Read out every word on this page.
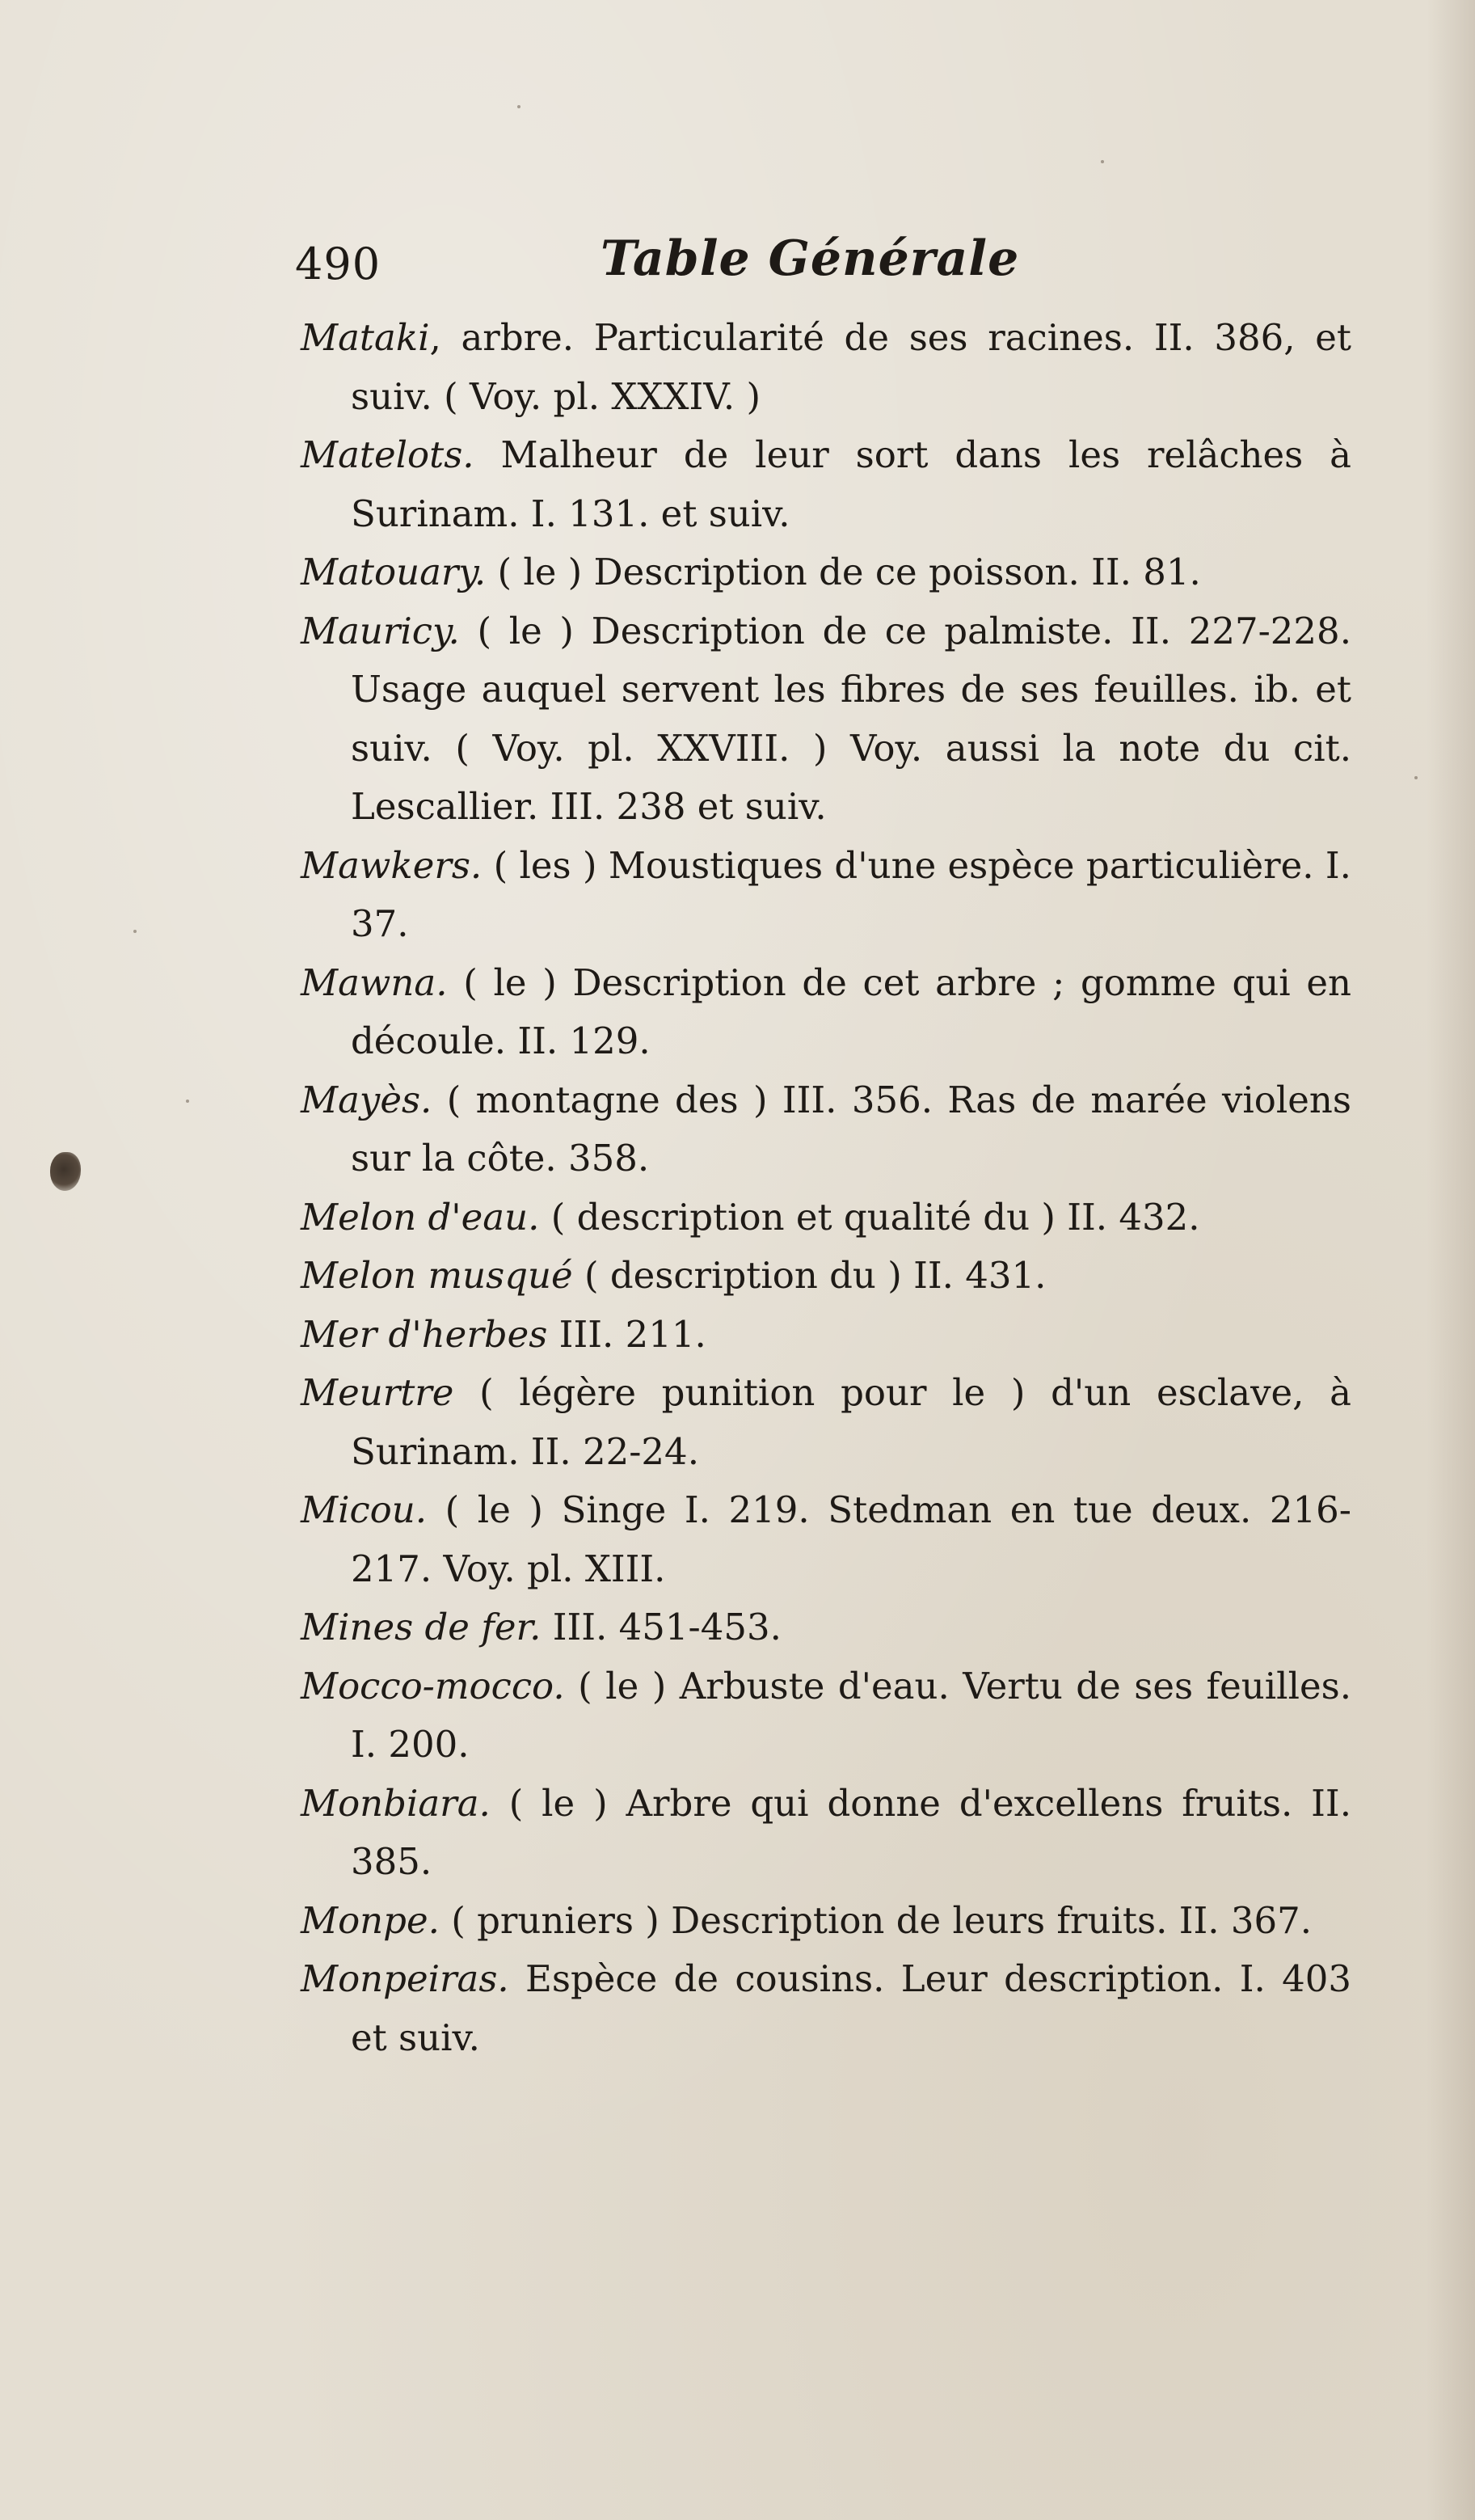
490	Table Générale

Mataki, arbre. Particularité de ses racines. II. 386, et suiv. ( Voy. pl. XXXIV. )

Matelots. Malheur de leur sort dans les relâches à Surinam. I. 131. et suiv.

Matouary. ( le ) Description de ce poisson. II. 81.

Mauricy. ( le ) Description de ce palmiste. II. 227-228. Usage auquel servent les fibres de ses feuilles. ib. et suiv. ( Voy. pl. XXVIII. ) Voy. aussi la note du cit. Lescallier. III. 238 et suiv.

Mawkers. ( les ) Moustiques d'une espèce particulière. I. 37.

Mawna. ( le ) Description de cet arbre ; gomme qui en découle. II. 129.

Mayès. ( montagne des ) III. 356. Ras de marée violens sur la côte. 358.

Melon d'eau. ( description et qualité du ) II. 432.

Melon musqué ( description du ) II. 431.

Mer d'herbes III. 211.

Meurtre ( légère punition pour le ) d'un esclave, à Surinam. II. 22-24.

Micou. ( le ) Singe I. 219. Stedman en tue deux. 216-217. Voy. pl. XIII.

Mines de fer. III. 451-453.

Mocco-mocco. ( le ) Arbuste d'eau. Vertu de ses feuilles. I. 200.

Monbiara. ( le ) Arbre qui donne d'excellens fruits. II. 385.

Monpe. ( pruniers ) Description de leurs fruits. II. 367.

Monpeiras. Espèce de cousins. Leur description. I. 403 et suiv.
